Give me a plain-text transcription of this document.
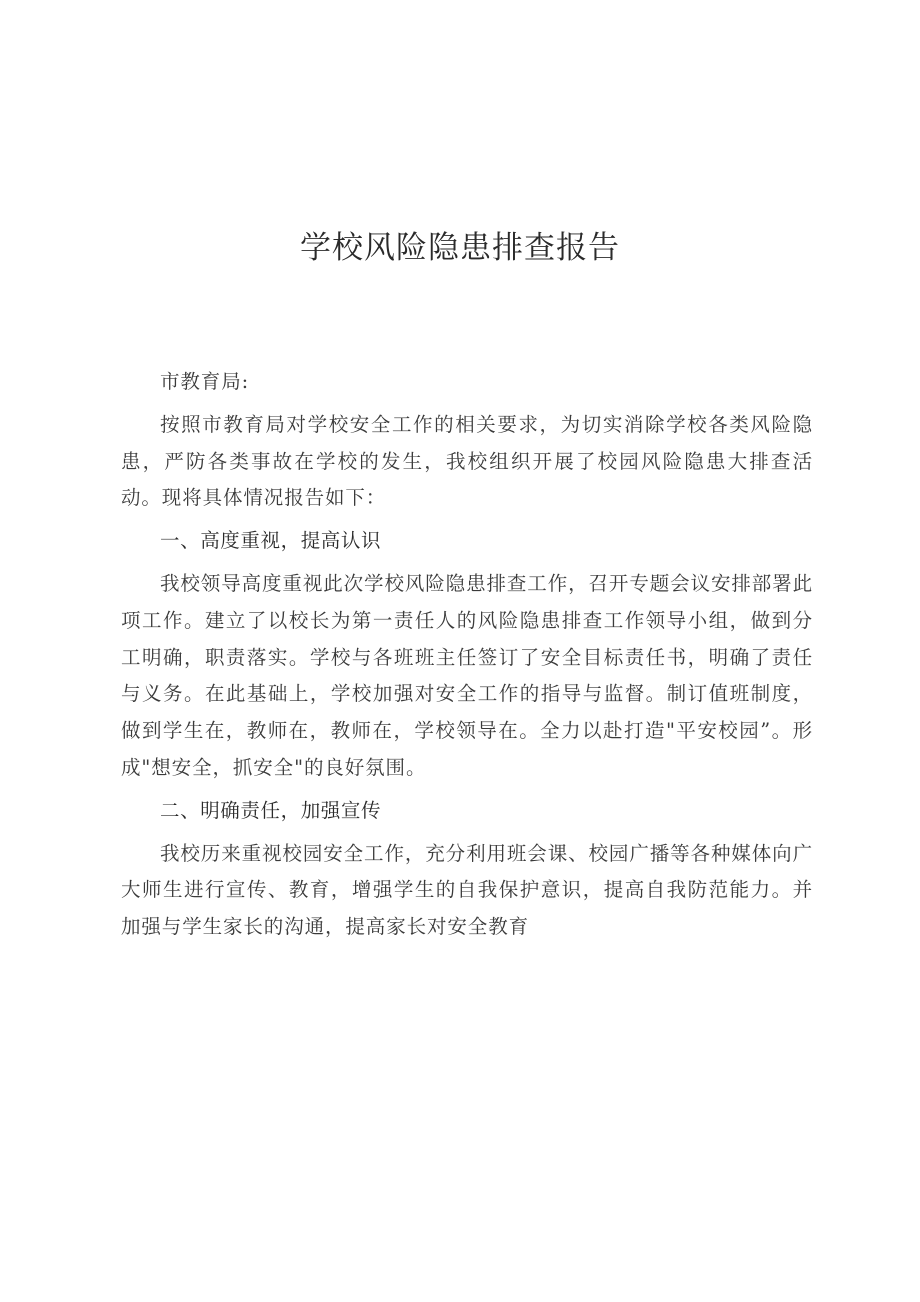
学校风险隐患排查报告

市教育局:

按照市教育局对学校安全工作的相关要求，为切实消除学校各类风险隐患，严防各类事故在学校的发生，我校组织开展了校园风险隐患大排查活动。现将具体情况报告如下：

一、高度重视，提高认识

我校领导高度重视此次学校风险隐患排查工作，召开专题会议安排部署此项工作。建立了以校长为第一责任人的风险隐患排查工作领导小组，做到分工明确，职责落实。学校与各班班主任签订了安全目标责任书，明确了责任与义务。在此基础上，学校加强对安全工作的指导与监督。制订值班制度，做到学生在，教师在，教师在，学校领导在。全力以赴打造"平安校园”。形成"想安全，抓安全"的良好氛围。

二、明确责任，加强宣传

我校历来重视校园安全工作，充分利用班会课、校园广播等各种媒体向广大师生进行宣传、教育，增强学生的自我保护意识，提高自我防范能力。并加强与学生家长的沟通，提高家长对安全教育
